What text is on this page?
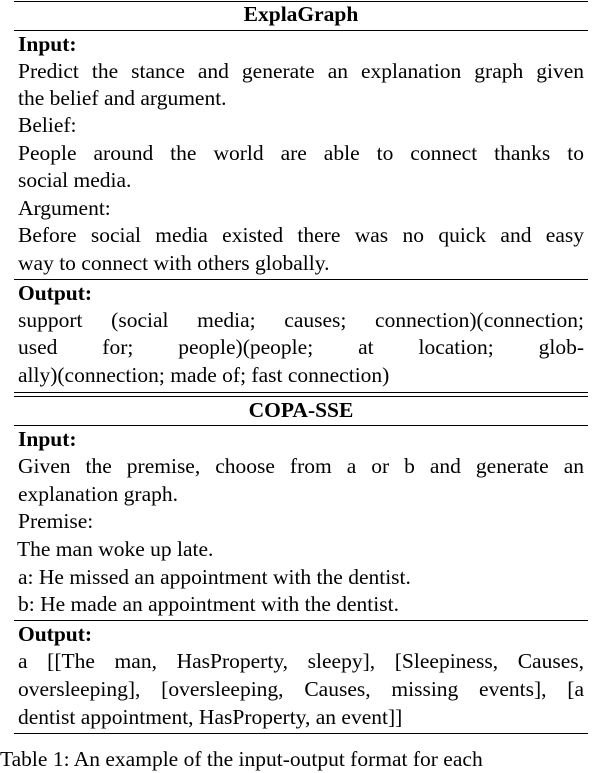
ExplaGraph
Input:
Predict the stance and generate an explanation graph given
the belief and argument.
Belief:
People around the world are able to connect thanks to
social media.
Argument:
Before social media existed there was no quick and easy
way to connect with others globally.
Output:
support (social media; causes; connection)(connection;
used for; people)(people; at location; glob-
ally)(connection; made of; fast connection)
COPA-SSE
Input:
Given the premise, choose from a or b and generate an
explanation graph.
Premise:
The man woke up late.
a: He missed an appointment with the dentist.
b: He made an appointment with the dentist.
Output:
a [[The man, HasProperty, sleepy], [Sleepiness, Causes,
oversleeping], [oversleeping, Causes, missing events], [a
dentist appointment, HasProperty, an event]]
Table 1: An example of the input-output format for each
